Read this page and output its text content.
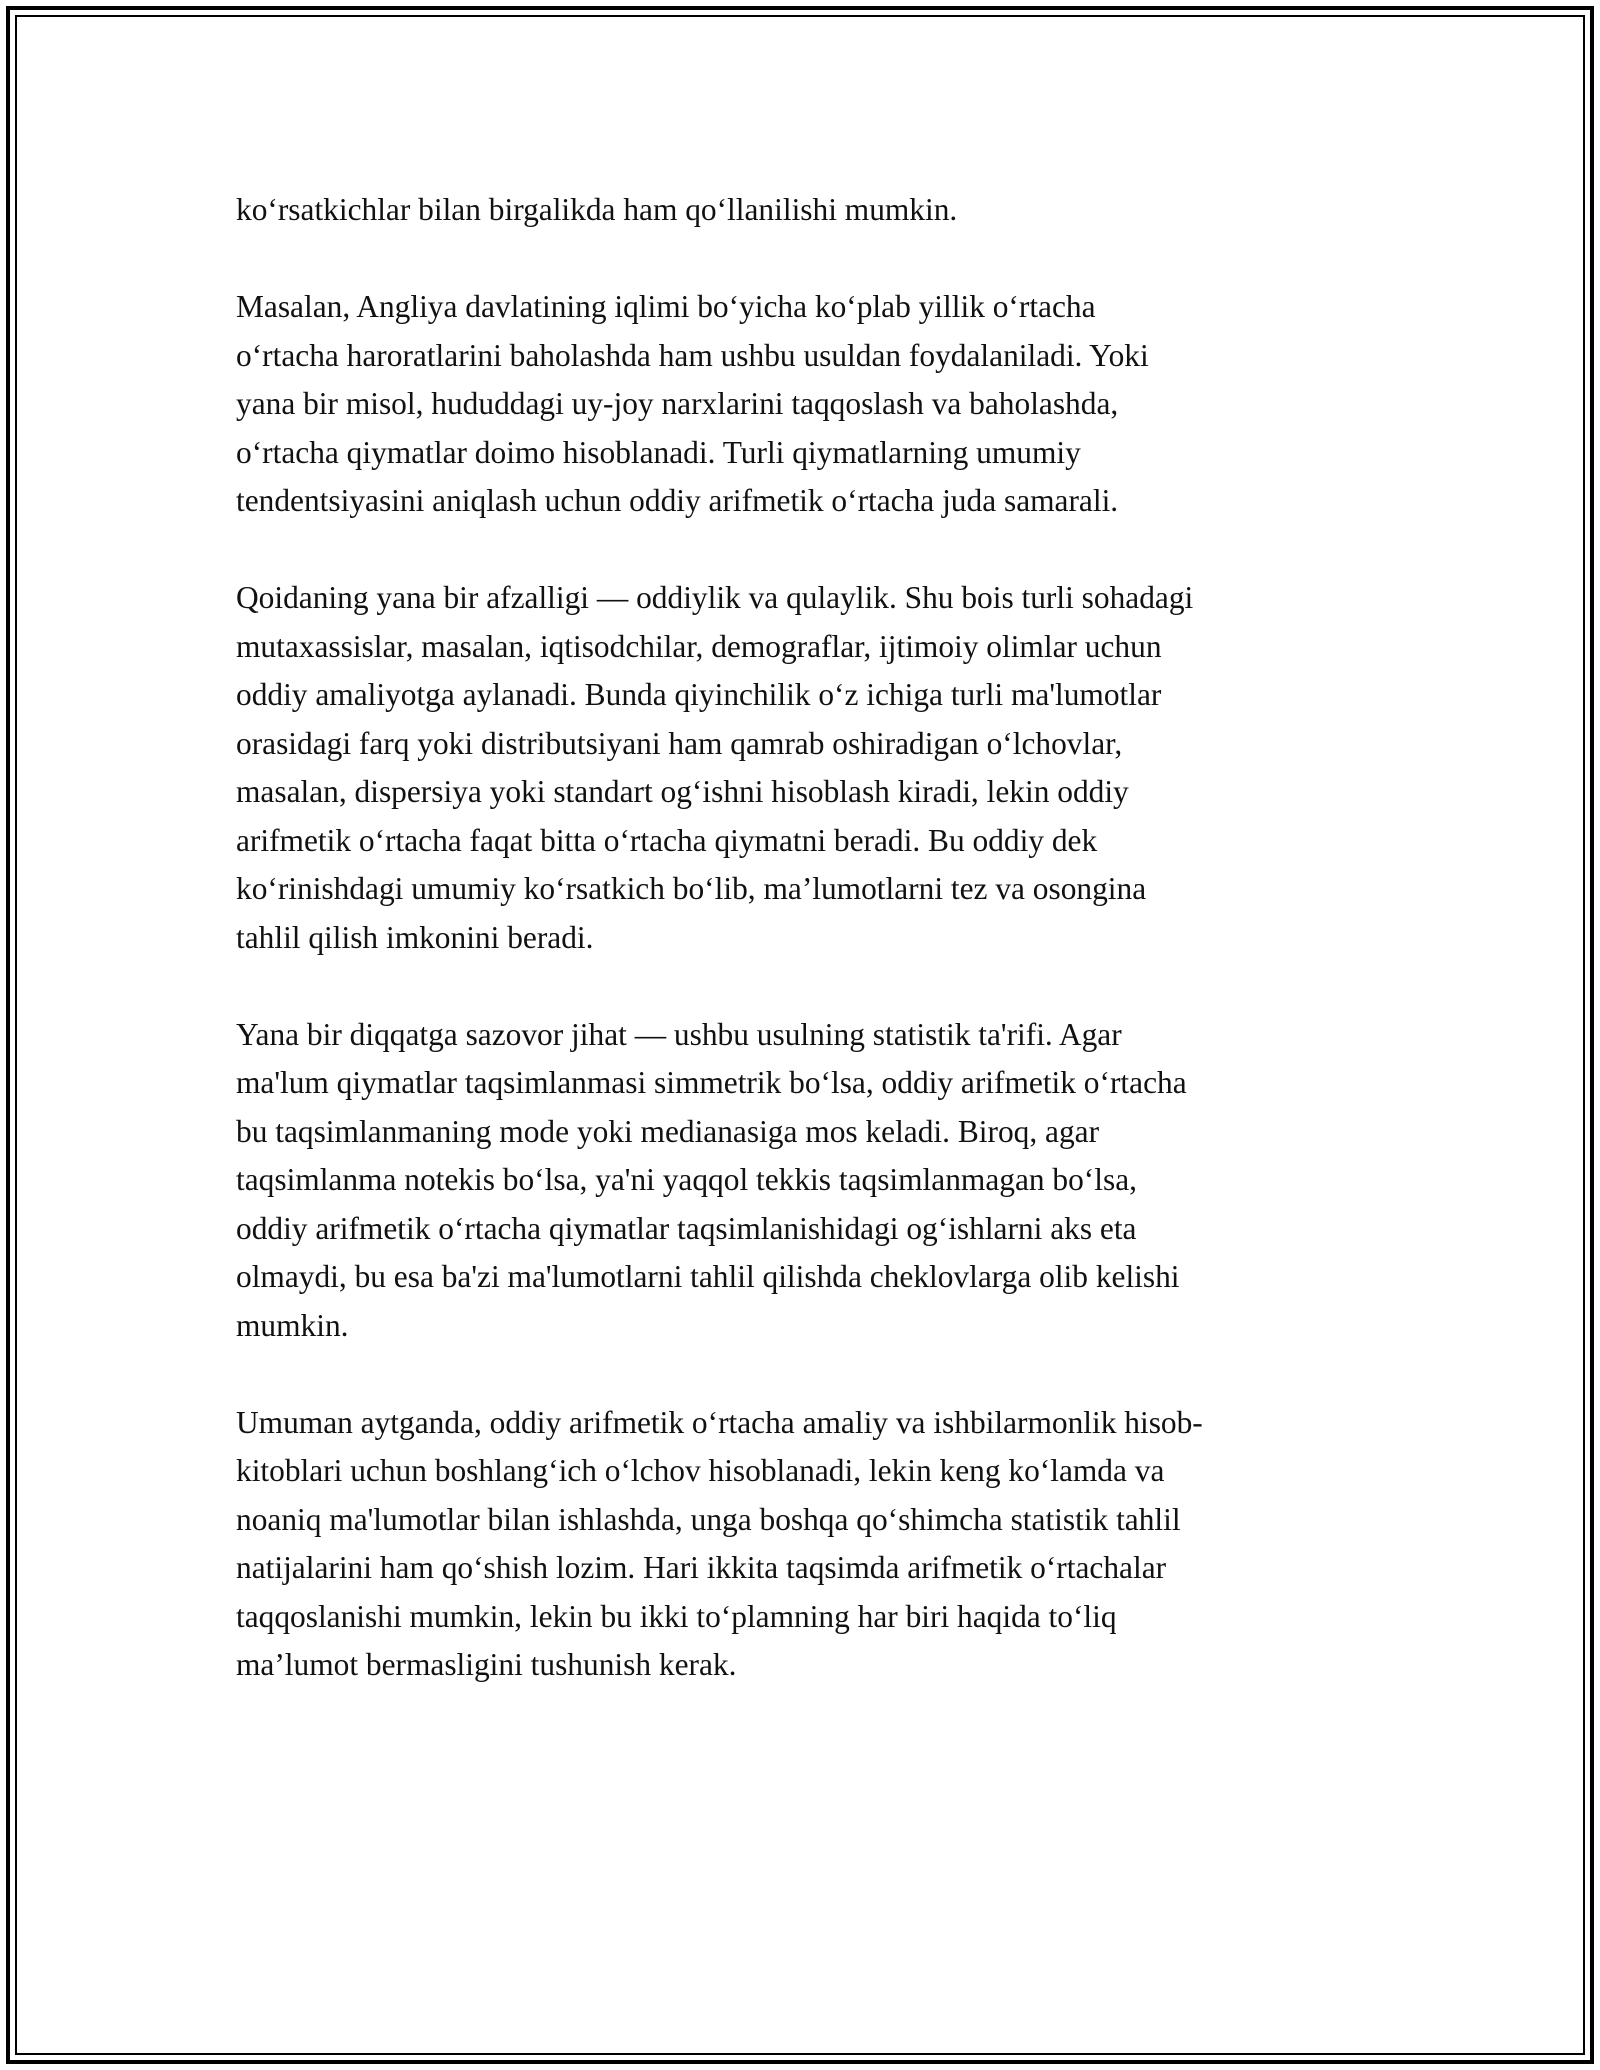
ko‘rsatkichlar bilan birgalikda ham qo‘llanilishi mumkin.

Masalan, Angliya davlatining iqlimi bo‘yicha ko‘plab yillik o‘rtacha
o‘rtacha haroratlarini baholashda ham ushbu usuldan foydalaniladi. Yoki
yana bir misol, hududdagi uy-joy narxlarini taqqoslash va baholashda,
o‘rtacha qiymatlar doimo hisoblanadi. Turli qiymatlarning umumiy
tendentsiyasini aniqlash uchun oddiy arifmetik o‘rtacha juda samarali.

Qoidaning yana bir afzalligi — oddiylik va qulaylik. Shu bois turli sohadagi
mutaxassislar, masalan, iqtisodchilar, demograflar, ijtimoiy olimlar uchun
oddiy amaliyotga aylanadi. Bunda qiyinchilik o‘z ichiga turli ma'lumotlar
orasidagi farq yoki distributsiyani ham qamrab oshiradigan o‘lchovlar,
masalan, dispersiya yoki standart og‘ishni hisoblash kiradi, lekin oddiy
arifmetik o‘rtacha faqat bitta o‘rtacha qiymatni beradi. Bu oddiy dek
ko‘rinishdagi umumiy ko‘rsatkich bo‘lib, ma’lumotlarni tez va osongina
tahlil qilish imkonini beradi.

Yana bir diqqatga sazovor jihat — ushbu usulning statistik ta'rifi. Agar
ma'lum qiymatlar taqsimlanmasi simmetrik bo‘lsa, oddiy arifmetik o‘rtacha
bu taqsimlanmaning mode yoki medianasiga mos keladi. Biroq, agar
taqsimlanma notekis bo‘lsa, ya'ni yaqqol tekkis taqsimlanmagan bo‘lsa,
oddiy arifmetik o‘rtacha qiymatlar taqsimlanishidagi og‘ishlarni aks eta
olmaydi, bu esa ba'zi ma'lumotlarni tahlil qilishda cheklovlarga olib kelishi
mumkin.

Umuman aytganda, oddiy arifmetik o‘rtacha amaliy va ishbilarmonlik hisob-
kitoblari uchun boshlang‘ich o‘lchov hisoblanadi, lekin keng ko‘lamda va
noaniq ma'lumotlar bilan ishlashda, unga boshqa qo‘shimcha statistik tahlil
natijalarini ham qo‘shish lozim. Hari ikkita taqsimda arifmetik o‘rtachalar
taqqoslanishi mumkin, lekin bu ikki to‘plamning har biri haqida to‘liq
ma’lumot bermasligini tushunish kerak.
